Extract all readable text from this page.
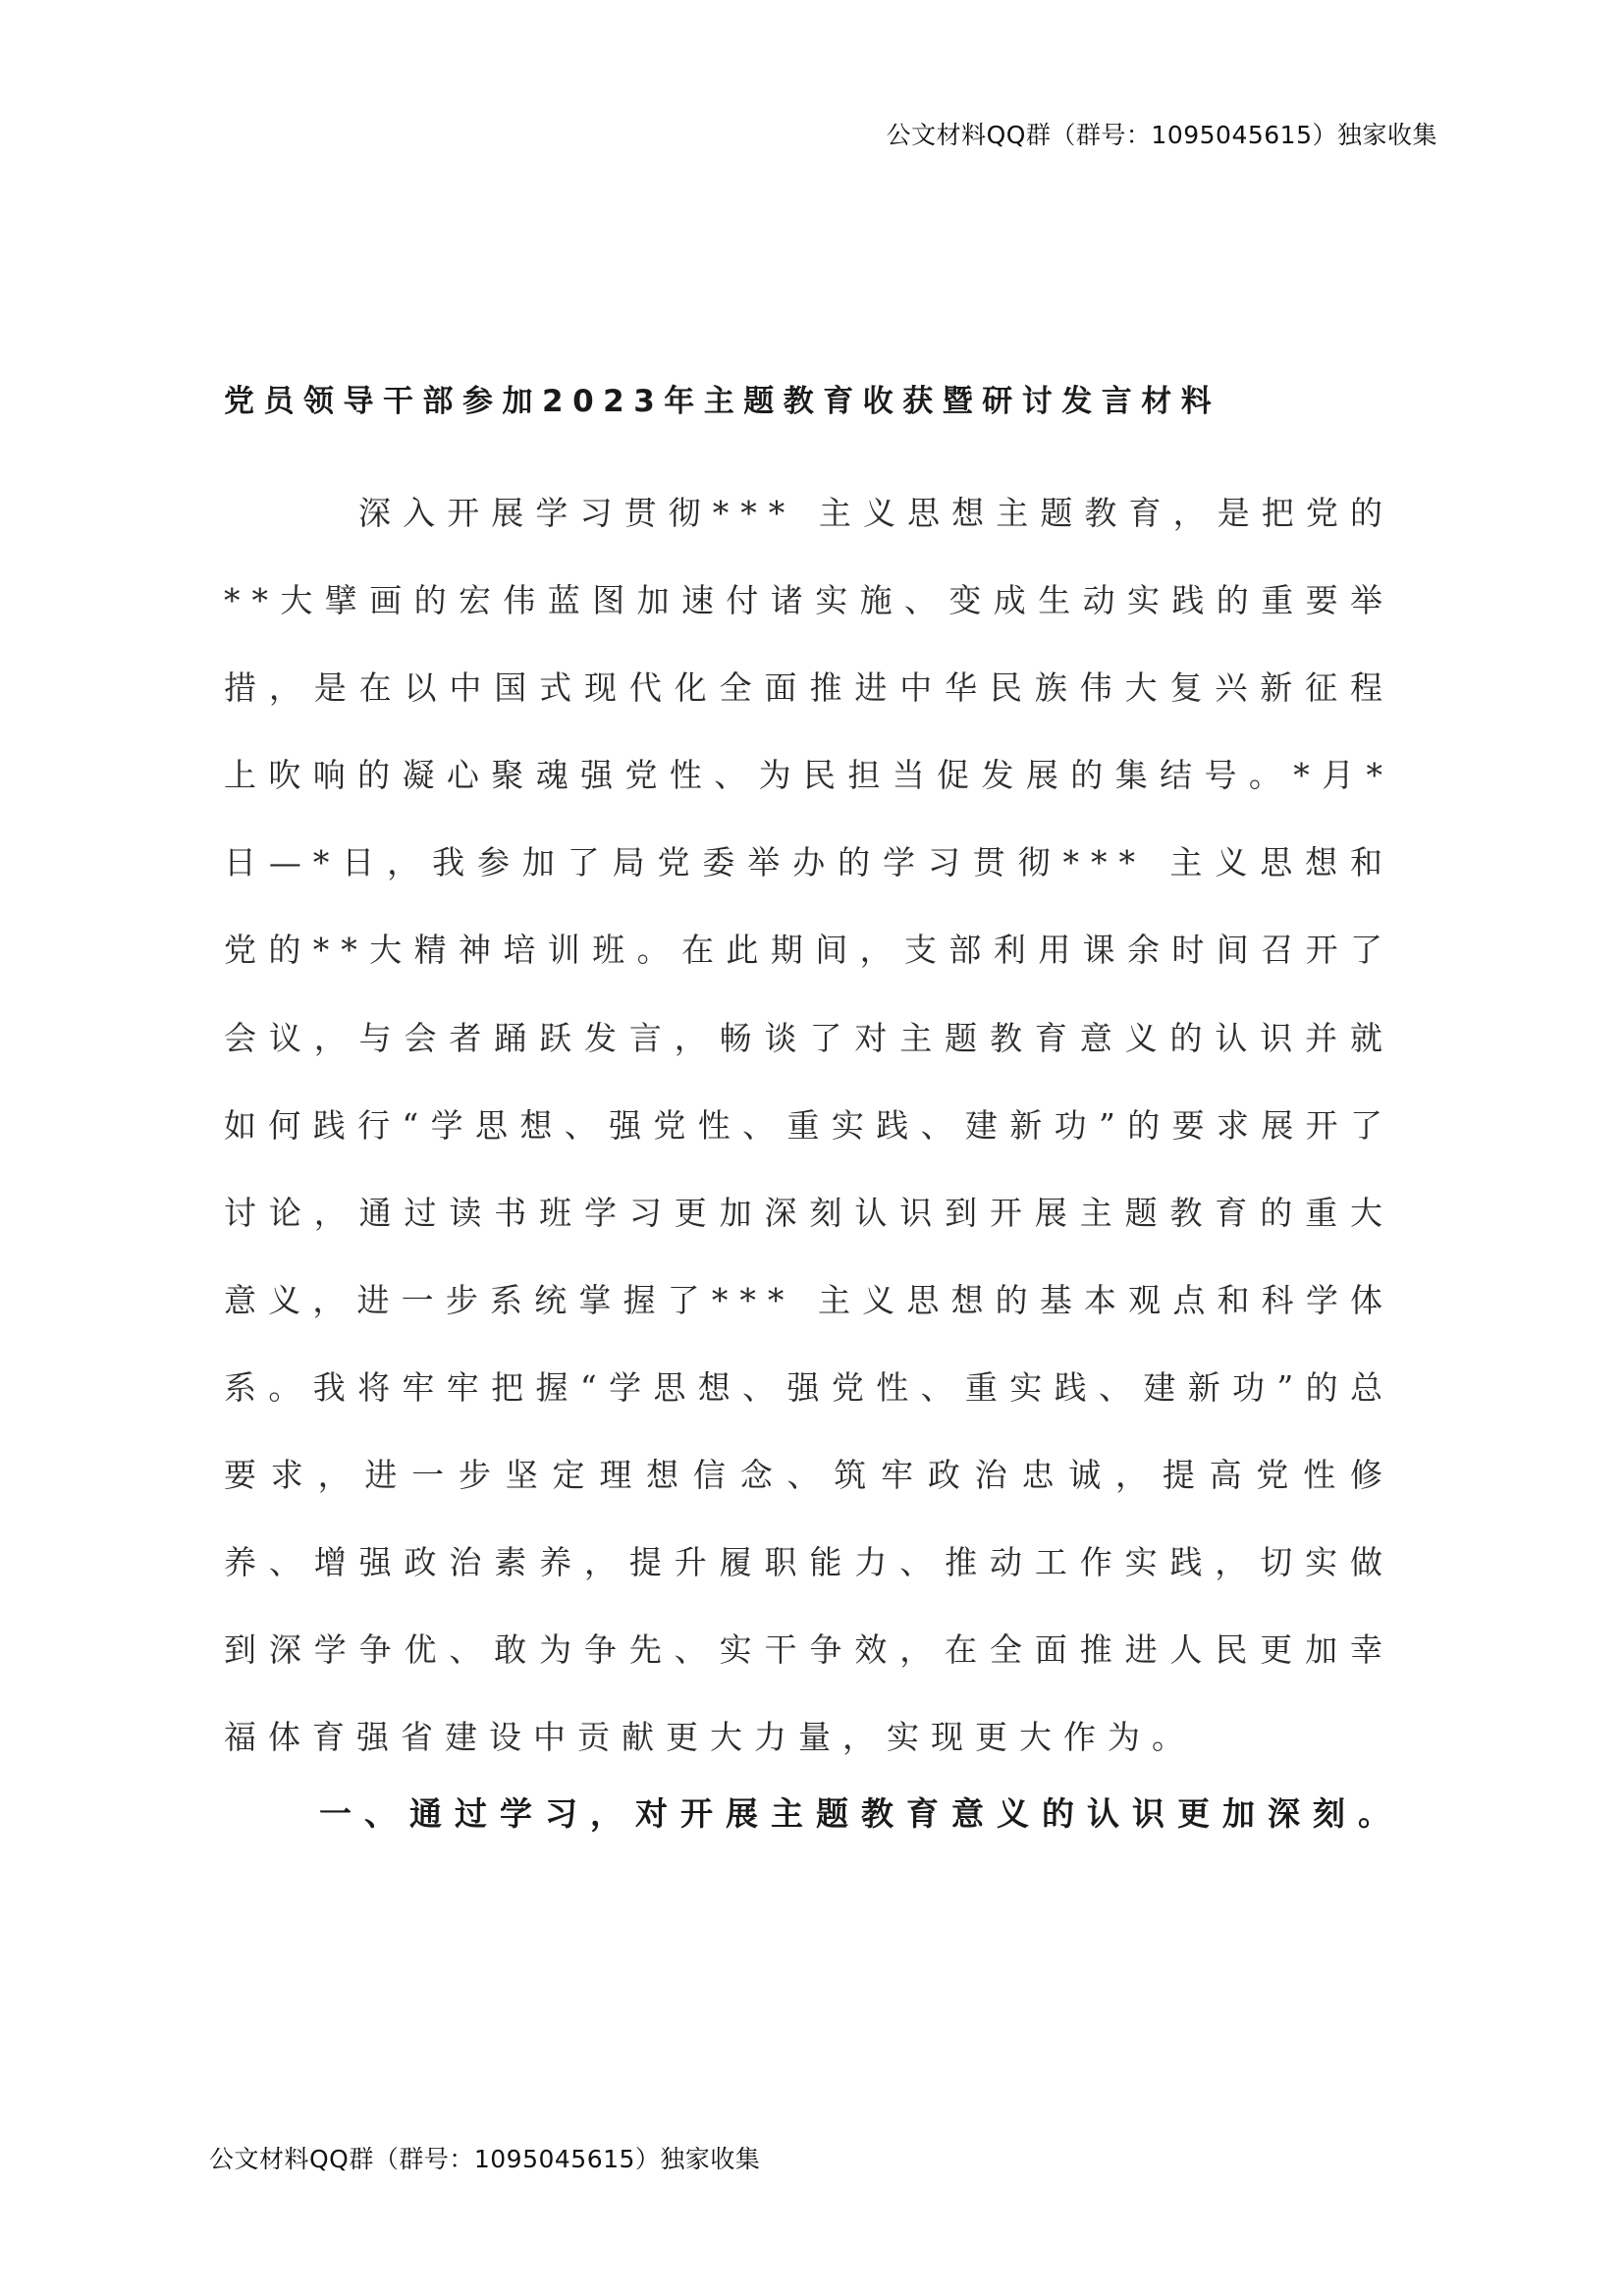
公文材料QQ群（群号：1095045615）独家收集
党员领导干部参加2023年主题教育收获暨研讨发言材料

深入开展学习贯彻*** 主义思想主题教育，是把党的**大擘画的宏伟蓝图加速付诸实施、变成生动实践的重要举措，是在以中国式现代化全面推进中华民族伟大复兴新征程上吹响的凝心聚魂强党性、为民担当促发展的集结号。*月*日—*日，我参加了局党委举办的学习贯彻*** 主义思想和党的**大精神培训班。在此期间，支部利用课余时间召开了会议，与会者踊跃发言，畅谈了对主题教育意义的认识并就如何践行“学思想、强党性、重实践、建新功”的要求展开了讨论，通过读书班学习更加深刻认识到开展主题教育的重大意义，进一步系统掌握了*** 主义思想的基本观点和科学体系。我将牢牢把握“学思想、强党性、重实践、建新功”的总要求，进一步坚定理想信念、筑牢政治忠诚，提高党性修养、增强政治素养，提升履职能力、推动工作实践，切实做到深学争优、敢为争先、实干争效，在全面推进人民更加幸福体育强省建设中贡献更大力量，实现更大作为。

一、通过学习，对开展主题教育意义的认识更加深刻。
公文材料QQ群（群号：1095045615）独家收集
